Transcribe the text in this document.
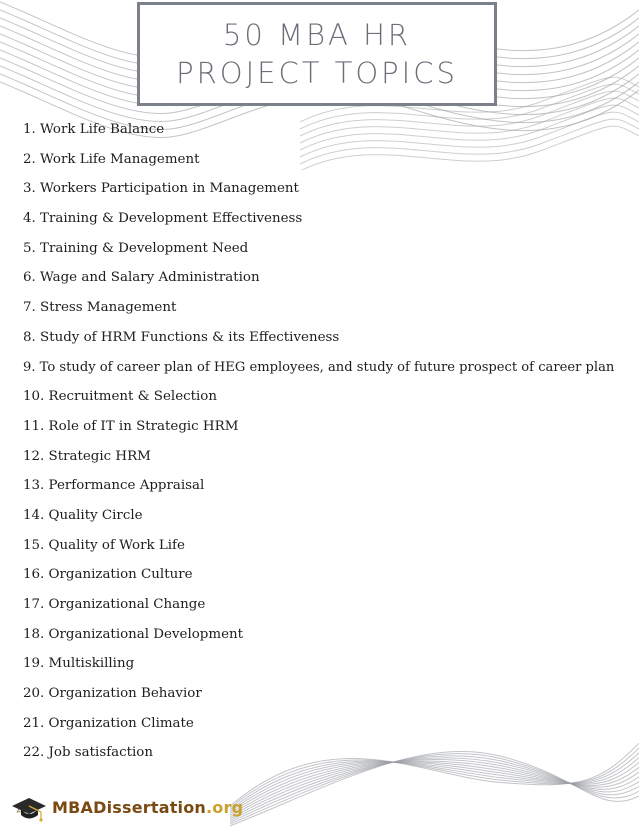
50 MBA HR
PROJECT TOPICS
1. Work Life Balance
2. Work Life Management
3. Workers Participation in Management
4. Training & Development Effectiveness
5. Training & Development Need
6. Wage and Salary Administration
7. Stress Management
8. Study of HRM Functions & its Effectiveness
9. To study of career plan of HEG employees, and study of future prospect of career plan
10. Recruitment & Selection
11. Role of IT in Strategic HRM
12. Strategic HRM
13. Performance Appraisal
14. Quality Circle
15. Quality of Work Life
16. Organization Culture
17. Organizational Change
18. Organizational Development
19. Multiskilling
20. Organization Behavior
21. Organization Climate
22. Job satisfaction
MBADissertation.org
